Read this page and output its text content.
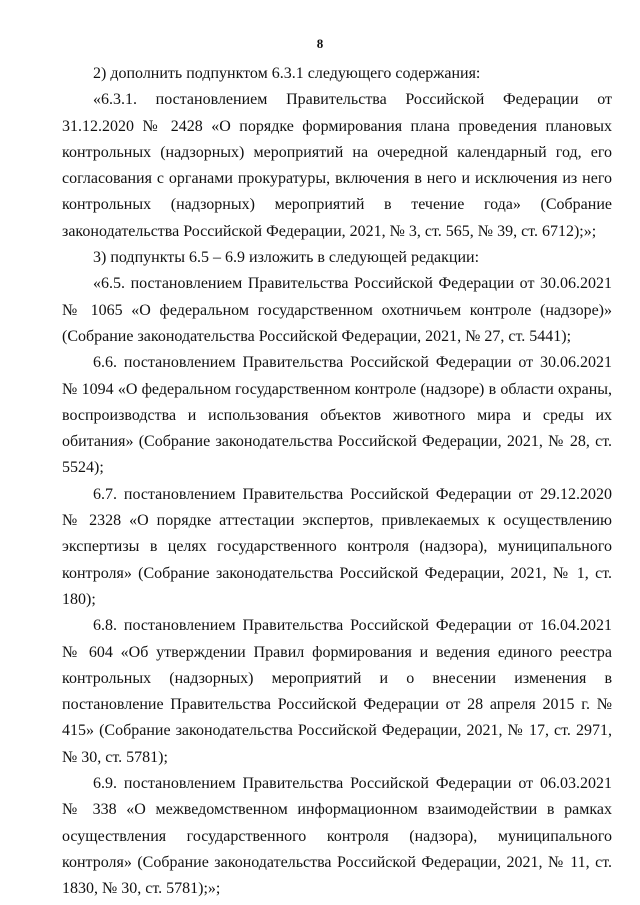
8

2) дополнить подпунктом 6.3.1 следующего содержания:

«6.3.1. постановлением Правительства Российской Федерации от 31.12.2020 № 2428 «О порядке формирования плана проведения плановых контрольных (надзорных) мероприятий на очередной календарный год, его согласования с органами прокуратуры, включения в него и исключения из него контрольных (надзорных) мероприятий в течение года» (Собрание законодательства Российской Федерации, 2021, № 3, ст. 565, № 39, ст. 6712);»;

3) подпункты 6.5 – 6.9 изложить в следующей редакции:

«6.5. постановлением Правительства Российской Федерации от 30.06.2021 № 1065 «О федеральном государственном охотничьем контроле (надзоре)» (Собрание законодательства Российской Федерации, 2021, № 27, ст. 5441);

6.6. постановлением Правительства Российской Федерации от 30.06.2021 № 1094 «О федеральном государственном контроле (надзоре) в области охраны, воспроизводства и использования объектов животного мира и среды их обитания» (Собрание законодательства Российской Федерации, 2021, № 28, ст. 5524);

6.7. постановлением Правительства Российской Федерации от 29.12.2020 № 2328 «О порядке аттестации экспертов, привлекаемых к осуществлению экспертизы в целях государственного контроля (надзора), муниципального контроля» (Собрание законодательства Российской Федерации, 2021, № 1, ст. 180);

6.8. постановлением Правительства Российской Федерации от 16.04.2021 № 604 «Об утверждении Правил формирования и ведения единого реестра контрольных (надзорных) мероприятий и о внесении изменения в постановление Правительства Российской Федерации от 28 апреля 2015 г. № 415» (Собрание законодательства Российской Федерации, 2021, № 17, ст. 2971, № 30, ст. 5781);

6.9. постановлением Правительства Российской Федерации от 06.03.2021 № 338 «О межведомственном информационном взаимодействии в рамках осуществления государственного контроля (надзора), муниципального контроля» (Собрание законодательства Российской Федерации, 2021, № 11, ст. 1830, № 30, ст. 5781);»;
